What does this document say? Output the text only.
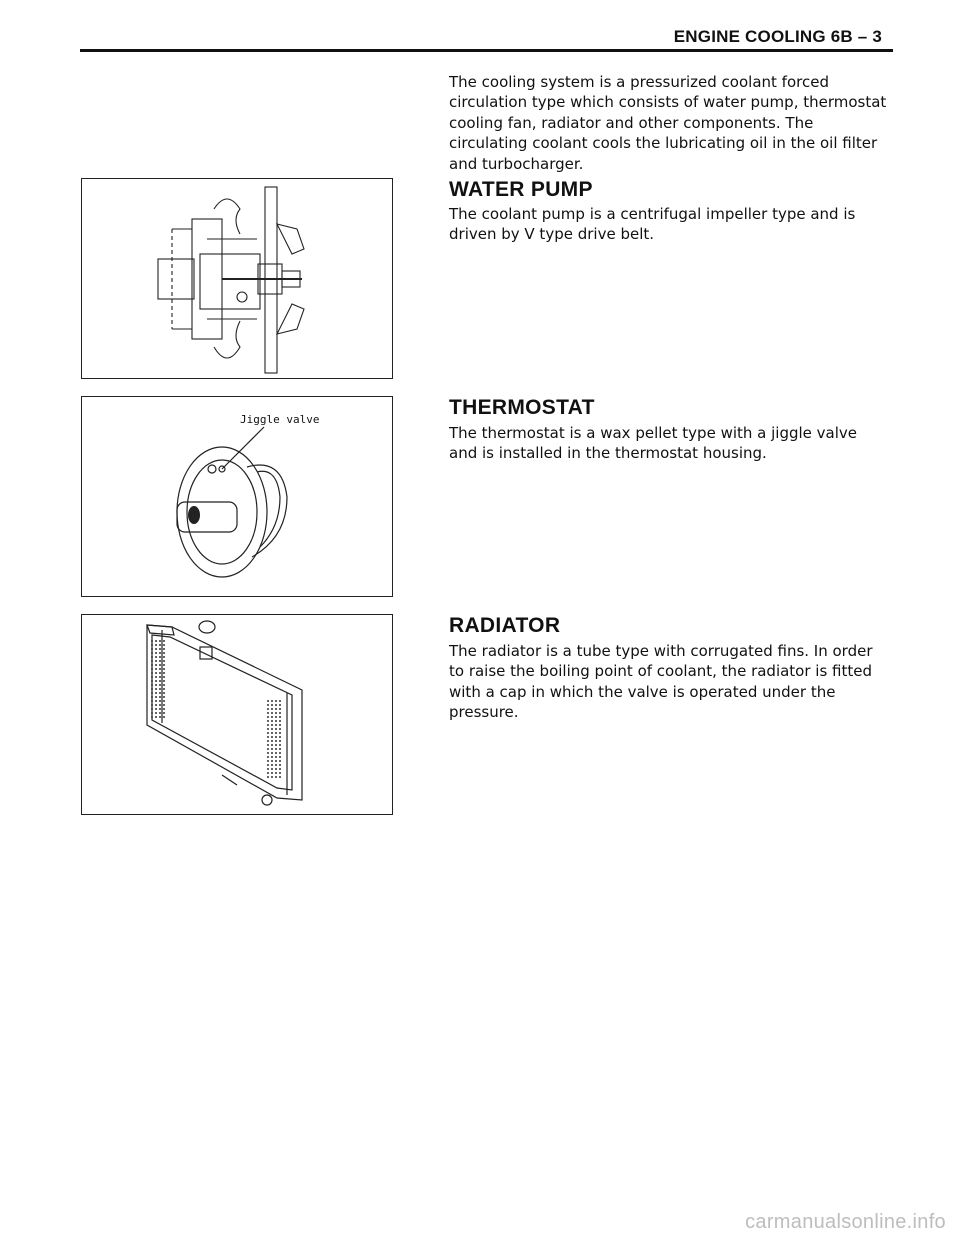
ENGINE COOLING 6B – 3
The cooling system is a pressurized coolant forced circulation type which consists of water pump, thermostat cooling fan, radiator and other components. The circulating coolant cools the lubricating oil in the oil filter and turbocharger.
WATER PUMP
The coolant pump is a centrifugal impeller type and is driven by V type drive belt.
Jiggle valve
THERMOSTAT
The thermostat is a wax pellet type with a jiggle valve and is installed in the thermostat housing.
RADIATOR
The radiator is a tube type with corrugated fins. In order to raise the boiling point of coolant, the radiator is fitted with a cap in which the valve is operated under the pressure.
carmanualsonline.info
